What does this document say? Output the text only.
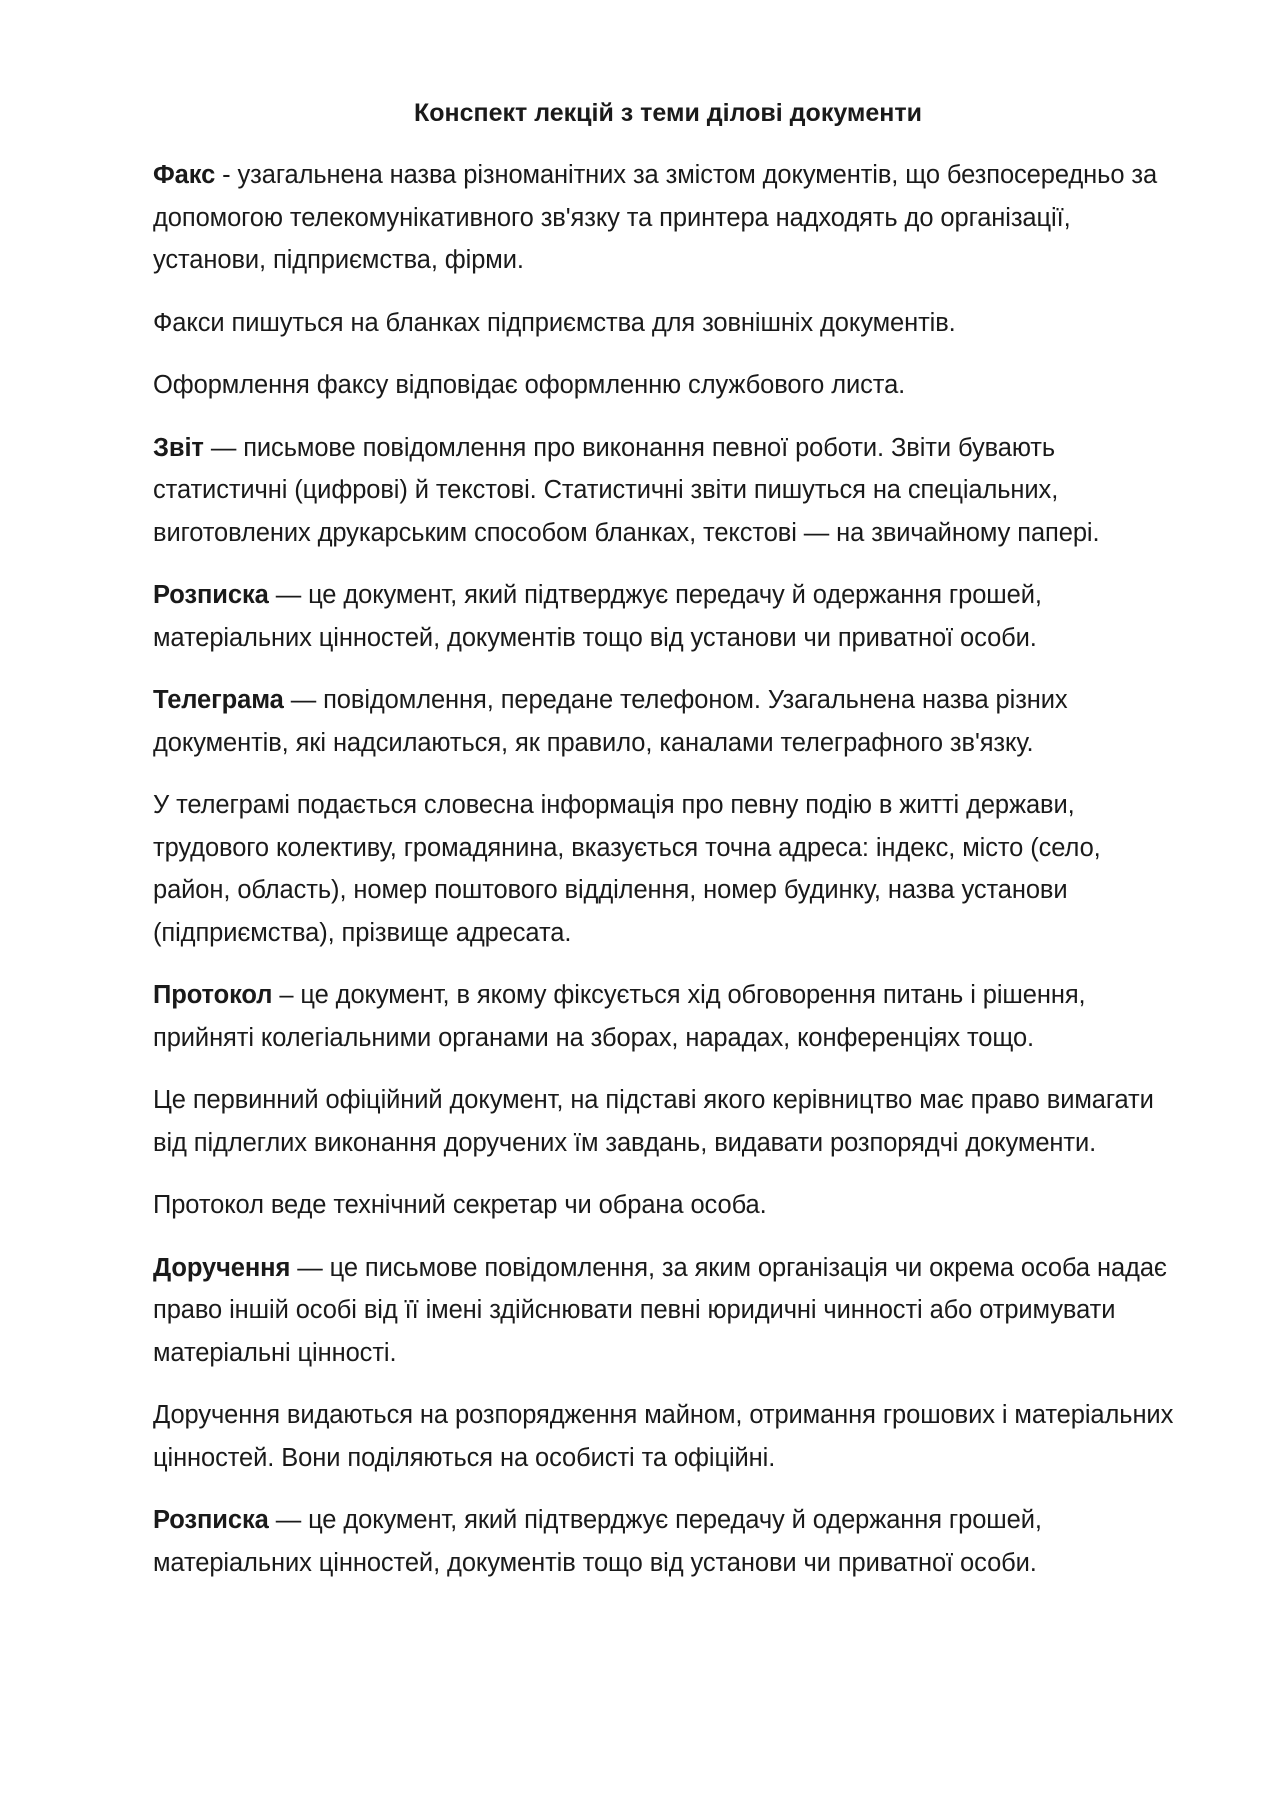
Конспект лекцій з теми ділові документи

Факс - узагальнена назва різноманітних за змістом документів, що безпосередньо за допомогою телекомунікативного зв'язку та принтера надходять до організації, установи, підприємства, фірми.

Факси пишуться на бланках підприємства для зовнішніх документів.

Оформлення факсу відповідає оформленню службового листа.

Звіт — письмове повідомлення про виконання певної роботи. Звіти бувають статистичні (цифрові) й текстові. Статистичні звіти пишуться на спеціальних, виготовлених друкарським способом бланках, текстові — на звичайному папері.

Розписка — це документ, який підтверджує передачу й одержання грошей, матеріальних цінностей, документів тощо від установи чи приватної особи.

Телеграма — повідомлення, передане телефоном. Узагальнена назва різних документів, які надсилаються, як правило, каналами телеграфного зв'язку.

У телеграмі подається словесна інформація про певну подію в житті держави, трудового колективу, громадянина, вказується точна адреса: індекс, місто (село, район, область), номер поштового відділення, номер будинку, назва установи (підприємства), прізвище адресата.

Протокол – це документ, в якому фіксується хід обговорення питань і рішення, прийняті колегіальними органами на зборах, нарадах, конференціях тощо.

Це первинний офіційний документ, на підставі якого керівництво має право вимагати від підлеглих виконання доручених їм завдань, видавати розпорядчі документи.

Протокол веде технічний секретар чи обрана особа.

Доручення — це письмове повідомлення, за яким організація чи окрема особа надає право іншій особі від її імені здійснювати певні юридичні чинності або отримувати матеріальні цінності.

Доручення видаються на розпорядження майном, отримання грошових і матеріальних цінностей. Вони поділяються на особисті та офіційні.

Розписка — це документ, який підтверджує передачу й одержання грошей, матеріальних цінностей, документів тощо від установи чи приватної особи.
